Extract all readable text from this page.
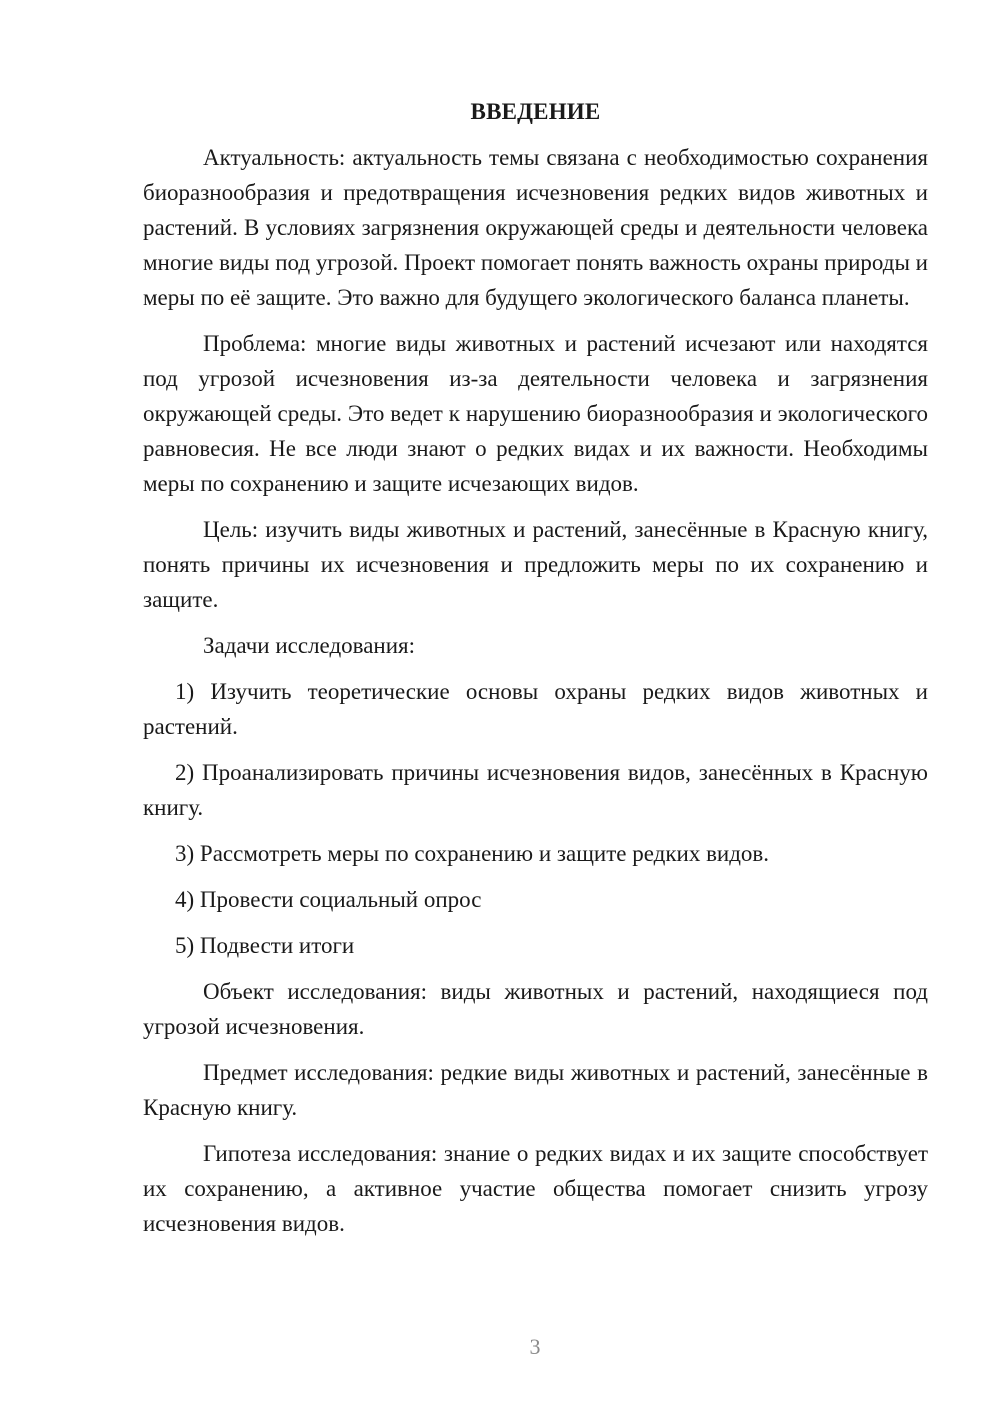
ВВЕДЕНИЕ
Актуальность: актуальность темы связана с необходимостью сохранения биоразнообразия и предотвращения исчезновения редких видов животных и растений. В условиях загрязнения окружающей среды и деятельности человека многие виды под угрозой. Проект помогает понять важность охраны природы и меры по её защите. Это важно для будущего экологического баланса планеты.
Проблема: многие виды животных и растений исчезают или находятся под угрозой исчезновения из-за деятельности человека и загрязнения окружающей среды. Это ведет к нарушению биоразнообразия и экологического равновесия. Не все люди знают о редких видах и их важности. Необходимы меры по сохранению и защите исчезающих видов.
Цель: изучить виды животных и растений, занесённые в Красную книгу, понять причины их исчезновения и предложить меры по их сохранению и защите.
Задачи исследования:
1) Изучить теоретические основы охраны редких видов животных и растений.
2) Проанализировать причины исчезновения видов, занесённых в Красную книгу.
3) Рассмотреть меры по сохранению и защите редких видов.
4) Провести социальный опрос
5) Подвести итоги
Объект исследования: виды животных и растений, находящиеся под угрозой исчезновения.
Предмет исследования: редкие виды животных и растений, занесённые в Красную книгу.
Гипотеза исследования: знание о редких видах и их защите способствует их сохранению, а активное участие общества помогает снизить угрозу исчезновения видов.
3
